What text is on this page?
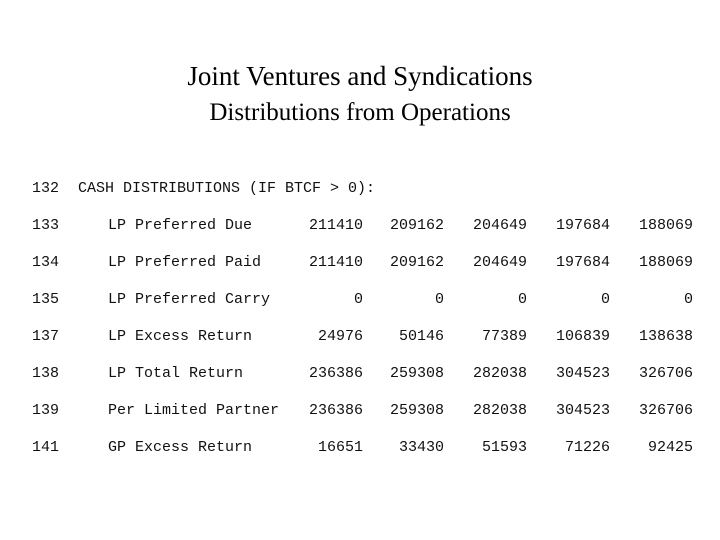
Joint Ventures and Syndications
Distributions from Operations
132 CASH DISTRIBUTIONS (IF BTCF > 0):
133	LP Preferred Due	211410	209162	204649	197684	188069
134	LP Preferred Paid	211410	209162	204649	197684	188069
135	LP Preferred Carry	0	0	0	0	0
137	LP Excess Return	24976	50146	77389	106839	138638
138	LP Total Return	236386	259308	282038	304523	326706
139	Per Limited Partner	236386	259308	282038	304523	326706
141	GP Excess Return	16651	33430	51593	71226	92425
